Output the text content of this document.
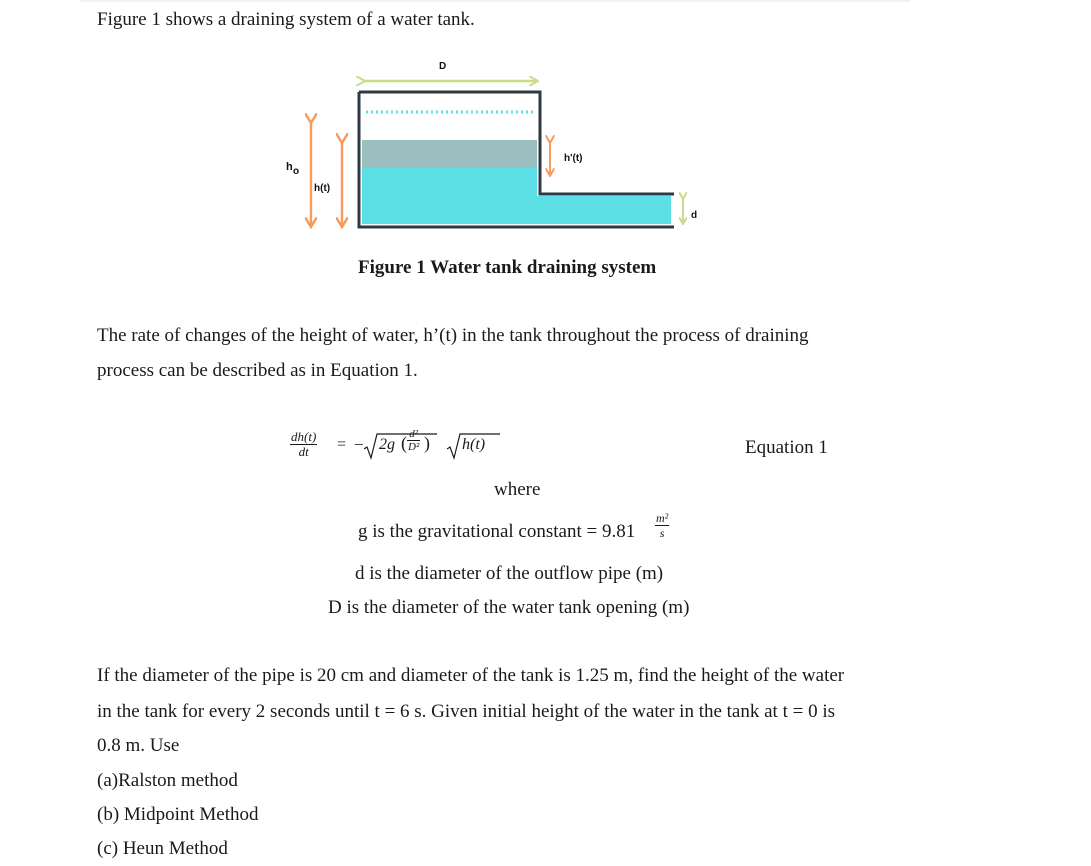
Figure 1 shows a draining system of a water tank.
D
h o
h(t)
h'(t)
d
Figure 1 Water tank draining system
The rate of changes of the height of water, h’(t) in the tank throughout the process of draining
process can be described as in Equation 1.
dh(t)
dt = − 2g ( d²
D² ) h(t)	Equation 1
where
g is the gravitational constant = 9.81
m²
s
d is the diameter of the outflow pipe (m)
D is the diameter of the water tank opening (m)
If the diameter of the pipe is 20 cm and diameter of the tank is 1.25 m, find the height of the water
in the tank for every 2 seconds until t = 6 s. Given initial height of the water in the tank at t = 0 is
0.8 m. Use
(a)Ralston method
(b) Midpoint Method
(c) Heun Method
